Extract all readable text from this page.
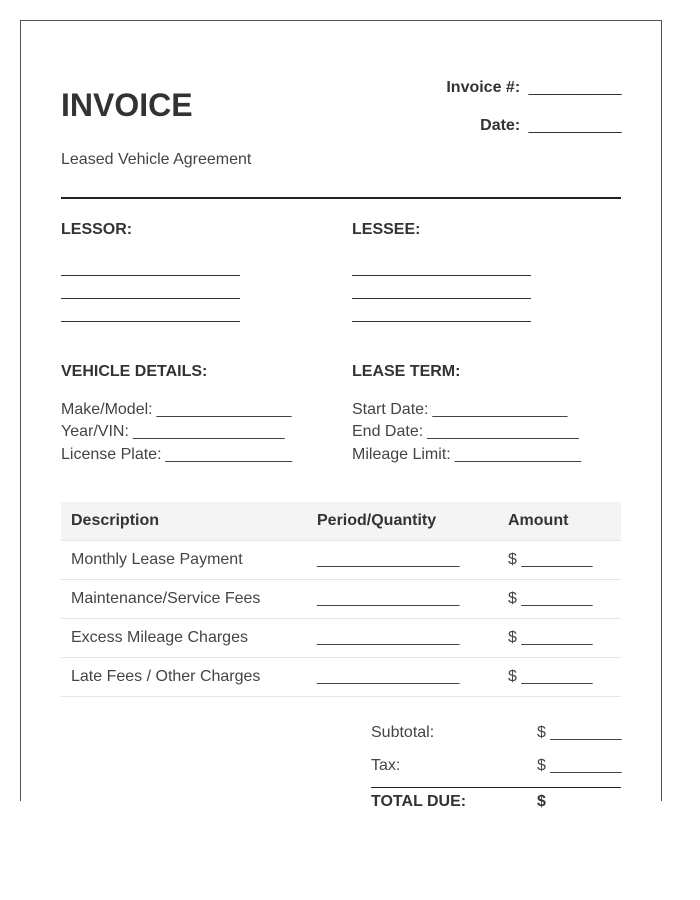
INVOICE
Leased Vehicle Agreement
Invoice #: ___________
Date: ___________
LESSOR:	LESSEE:
VEHICLE DETAILS:
Make/Model: ________________
Year/VIN: __________________
License Plate: _______________
LEASE TERM:
Start Date: ________________
End Date: __________________
Mileage Limit: _______________
Description	Period/Quantity	Amount
Monthly Lease Payment	________________	$ ________
Maintenance/Service Fees	________________	$ ________
Excess Mileage Charges	________________	$ ________
Late Fees / Other Charges	________________	$ ________
Subtotal:	$ ________
Tax:	$ ________
TOTAL DUE:	$
